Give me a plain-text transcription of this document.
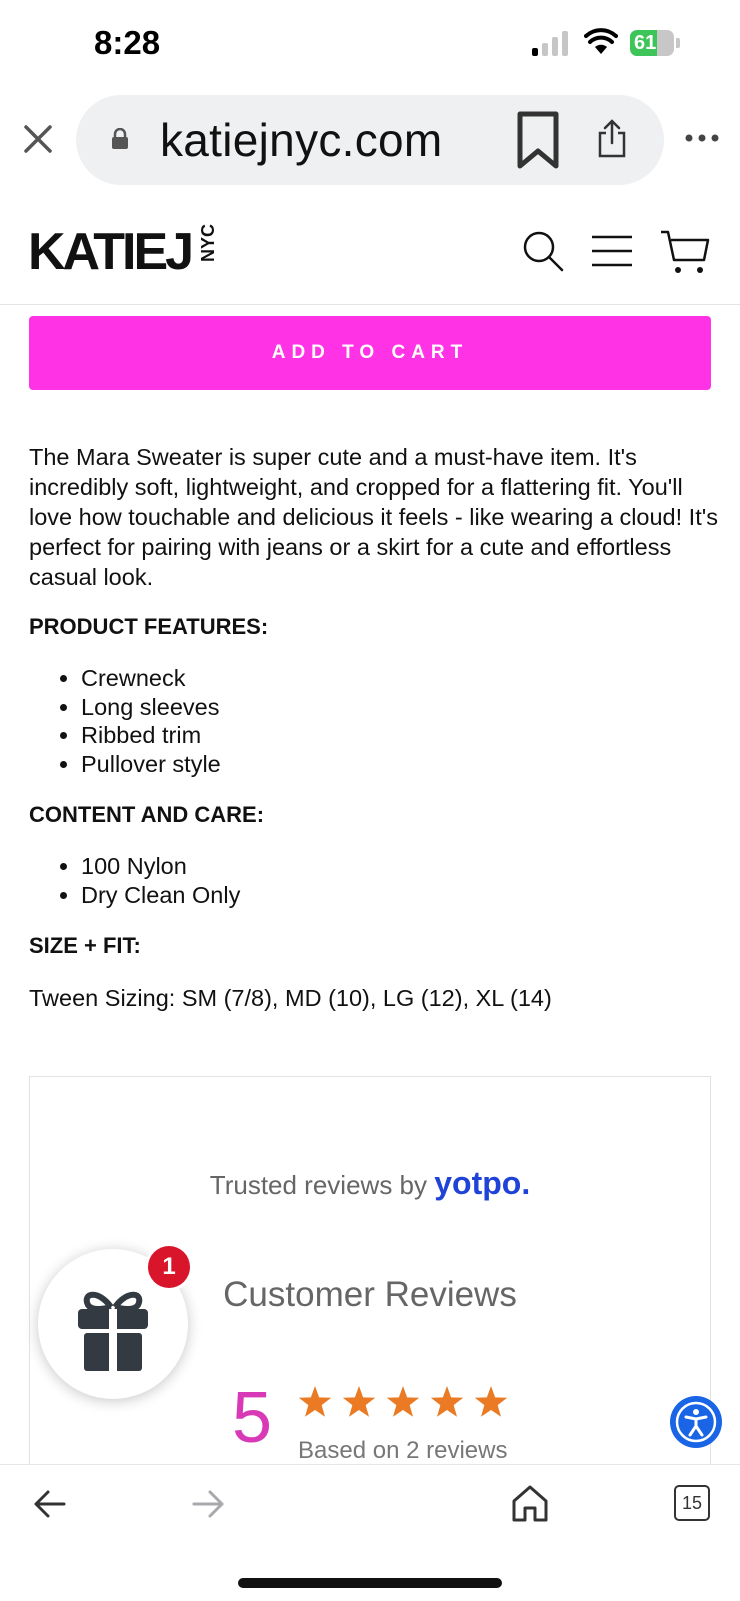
8:28	61
katiejnyc.com
KATIEJ NYC
ADD TO CART

The Mara Sweater is super cute and a must-have item. It's incredibly soft, lightweight, and cropped for a flattering fit. You'll love how touchable and delicious it feels - like wearing a cloud! It's perfect for pairing with jeans or a skirt for a cute and effortless casual look.

PRODUCT FEATURES:
• Crewneck
• Long sleeves
• Ribbed trim
• Pullover style
CONTENT AND CARE:
• 100 Nylon
• Dry Clean Only
SIZE + FIT:

Tween Sizing: SM (7/8), MD (10), LG (12), XL (14)

Trusted reviews by yotpo.
Customer Reviews
5 Based on 2 reviews
1
15
